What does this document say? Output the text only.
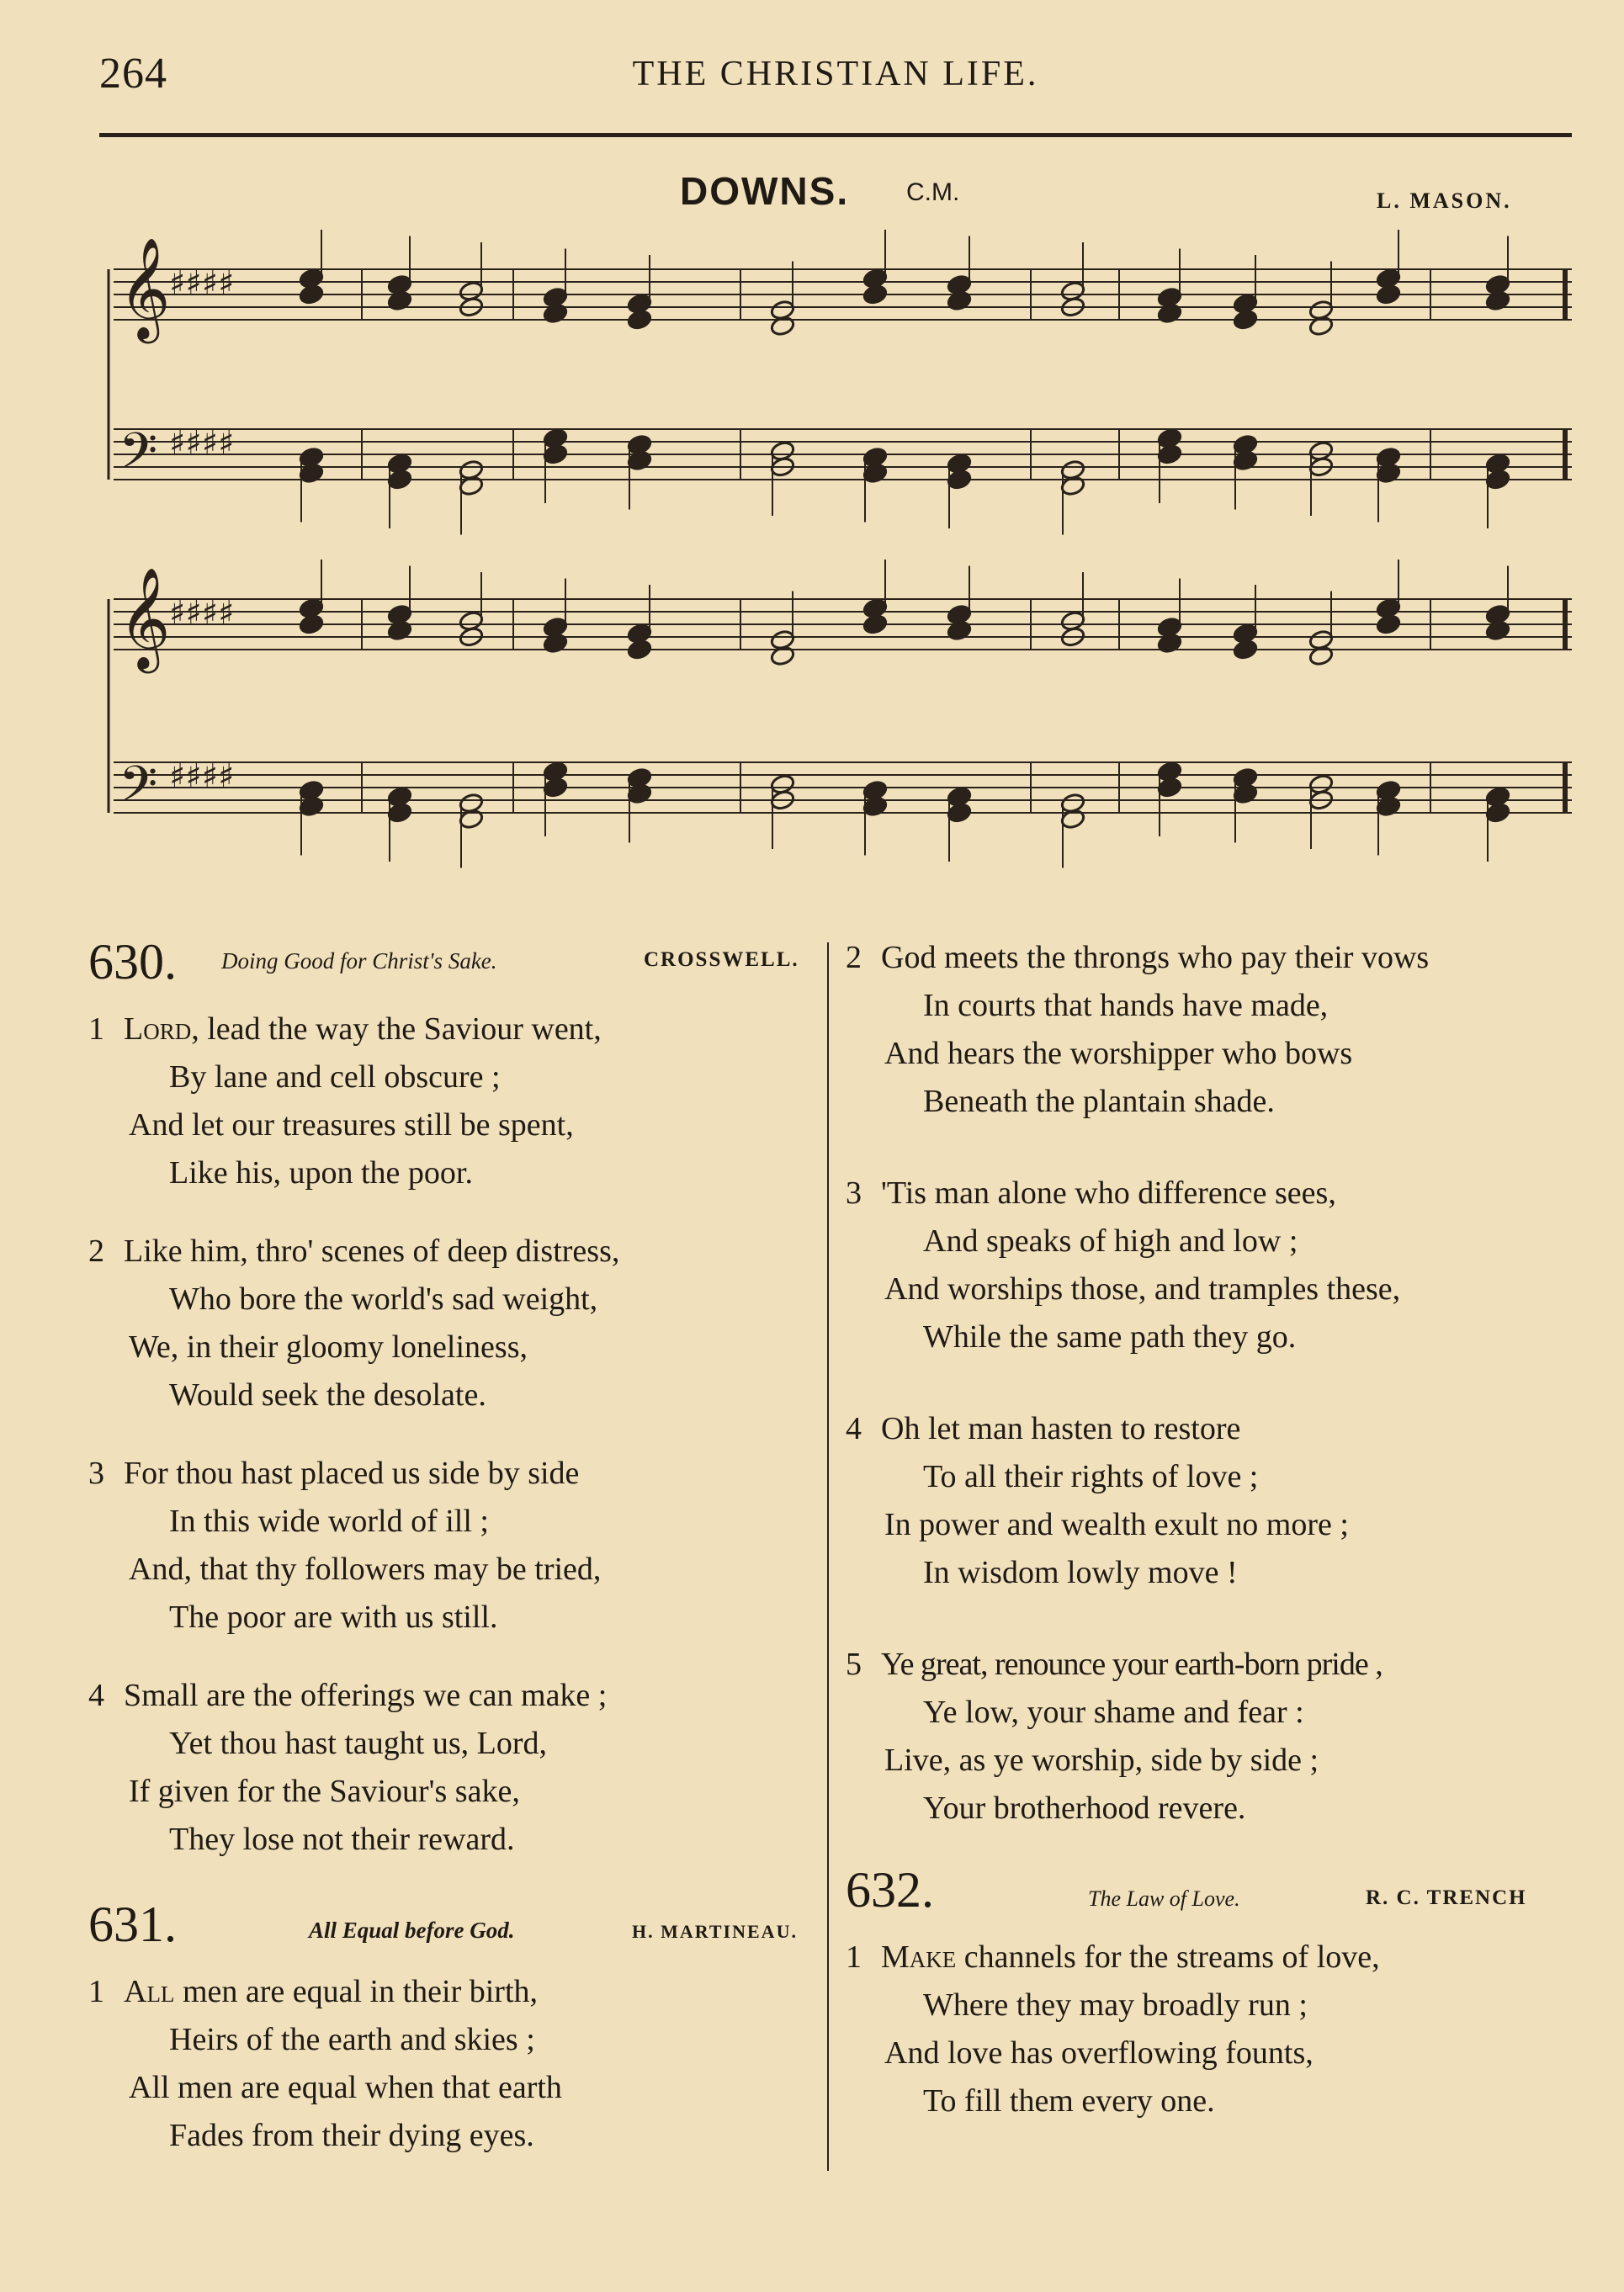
264	THE CHRISTIAN LIFE.
DOWNS. C.M.	L. MASON.
𝄞
♯♯♯♯
𝄢 ♯♯♯♯
𝄞
♯♯♯♯
𝄢 ♯♯♯♯
630. Doing Good for Christ's Sake.	CROSSWELL.
1 Lord, lead the way the Saviour went,
By lane and cell obscure ;
And let our treasures still be spent,
Like his, upon the poor.
2 Like him, thro' scenes of deep distress,
Who bore the world's sad weight,
We, in their gloomy loneliness,
Would seek the desolate.
3 For thou hast placed us side by side
In this wide world of ill ;
And, that thy followers may be tried,
The poor are with us still.
4 Small are the offerings we can make ;
Yet thou hast taught us, Lord,
If given for the Saviour's sake,
They lose not their reward.
631.	All Equal before God.	H. MARTINEAU.
1 All men are equal in their birth,
Heirs of the earth and skies ;
All men are equal when that earth
Fades from their dying eyes.
2 God meets the throngs who pay their vows
In courts that hands have made,
And hears the worshipper who bows
Beneath the plantain shade.
3 'Tis man alone who difference sees,
And speaks of high and low ;
And worships those, and tramples these,
While the same path they go.
4 Oh let man hasten to restore
To all their rights of love ;
In power and wealth exult no more ;
In wisdom lowly move !
5 Ye great, renounce your earth-born pride ,
Ye low, your shame and fear :
Live, as ye worship, side by side ;
Your brotherhood revere.
632.	The Law of Love.	R. C. TRENCH
1 Make channels for the streams of love,
Where they may broadly run ;
And love has overflowing founts,
To fill them every one.
